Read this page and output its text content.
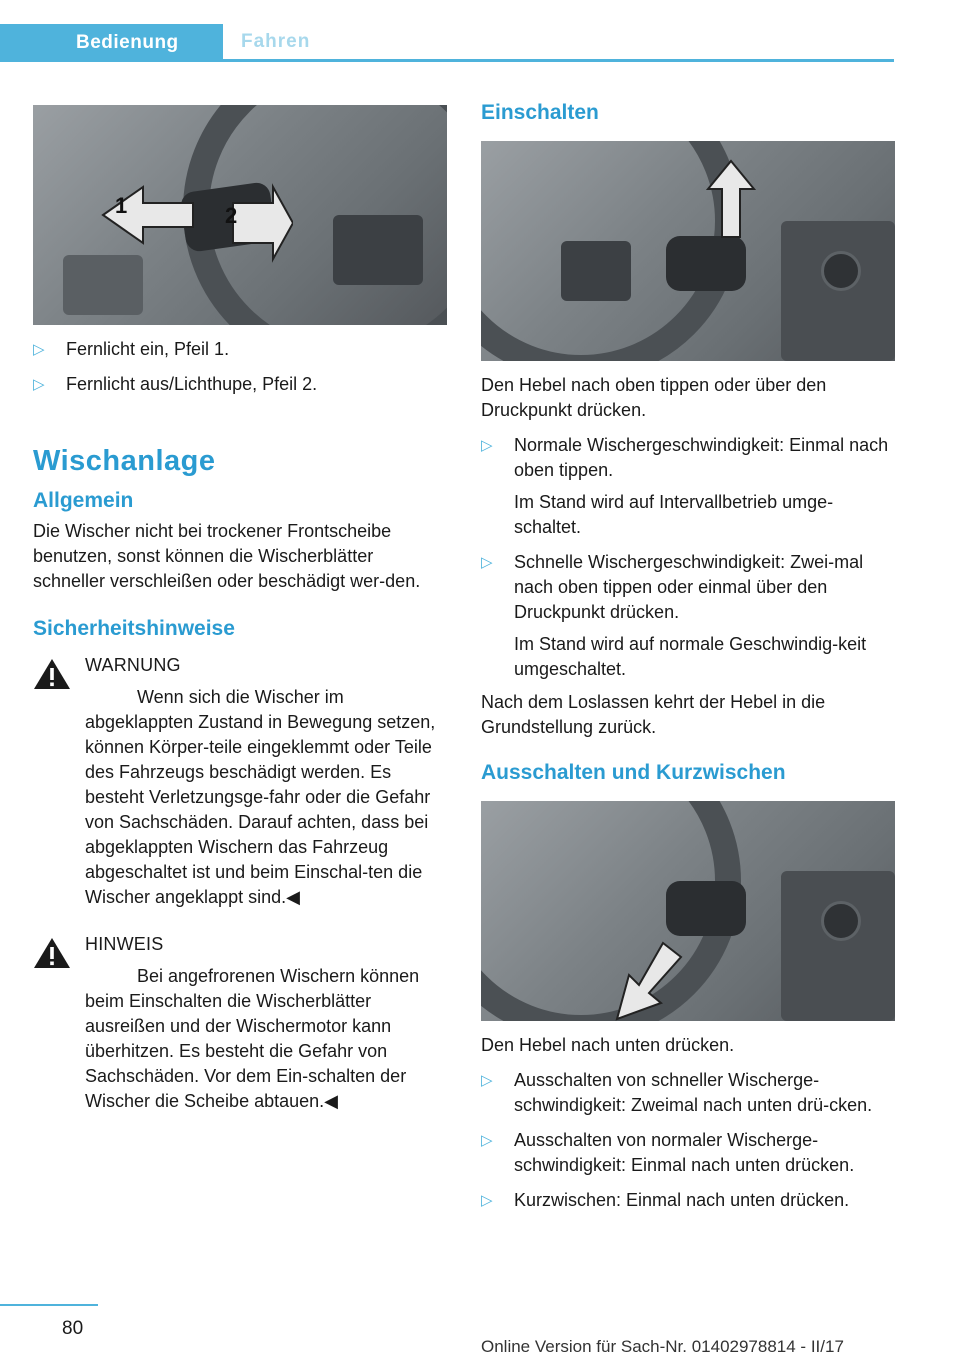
Bedienung	Fahren
1	2
▷ Fernlicht ein, Pfeil 1.
▷ Fernlicht aus/Lichthupe, Pfeil 2.
Wischanlage
Allgemein

Die Wischer nicht bei trockener Frontscheibe benutzen, sonst können die Wischerblätter schneller verschleißen oder beschädigt wer-den.

Sicherheitshinweise
WARNUNG

Wenn sich die Wischer im abgeklappten Zustand in Bewegung setzen, können Körper-teile eingeklemmt oder Teile des Fahrzeugs beschädigt werden. Es besteht Verletzungsge-fahr oder die Gefahr von Sachschäden. Darauf achten, dass bei abgeklappten Wischern das Fahrzeug abgeschaltet ist und beim Einschal-ten die Wischer angeklappt sind.◀

HINWEIS

Bei angefrorenen Wischern können beim Einschalten die Wischerblätter ausreißen und der Wischermotor kann überhitzen. Es besteht die Gefahr von Sachschäden. Vor dem Ein-schalten der Wischer die Scheibe abtauen.◀

Einschalten

Den Hebel nach oben tippen oder über den Druckpunkt drücken.

▷ Normale Wischergeschwindigkeit: Einmal nach oben tippen.

Im Stand wird auf Intervallbetrieb umge-schaltet.

▷ Schnelle Wischergeschwindigkeit: Zwei-mal nach oben tippen oder einmal über den Druckpunkt drücken.

Im Stand wird auf normale Geschwindig-keit umgeschaltet.

Nach dem Loslassen kehrt der Hebel in die Grundstellung zurück.

Ausschalten und Kurzwischen

Den Hebel nach unten drücken.

▷ Ausschalten von schneller Wischerge-schwindigkeit: Zweimal nach unten drü-cken.
▷ Ausschalten von normaler Wischerge-schwindigkeit: Einmal nach unten drücken.
▷ Kurzwischen: Einmal nach unten drücken.
80
Online Version für Sach-Nr. 01402978814 - II/17
